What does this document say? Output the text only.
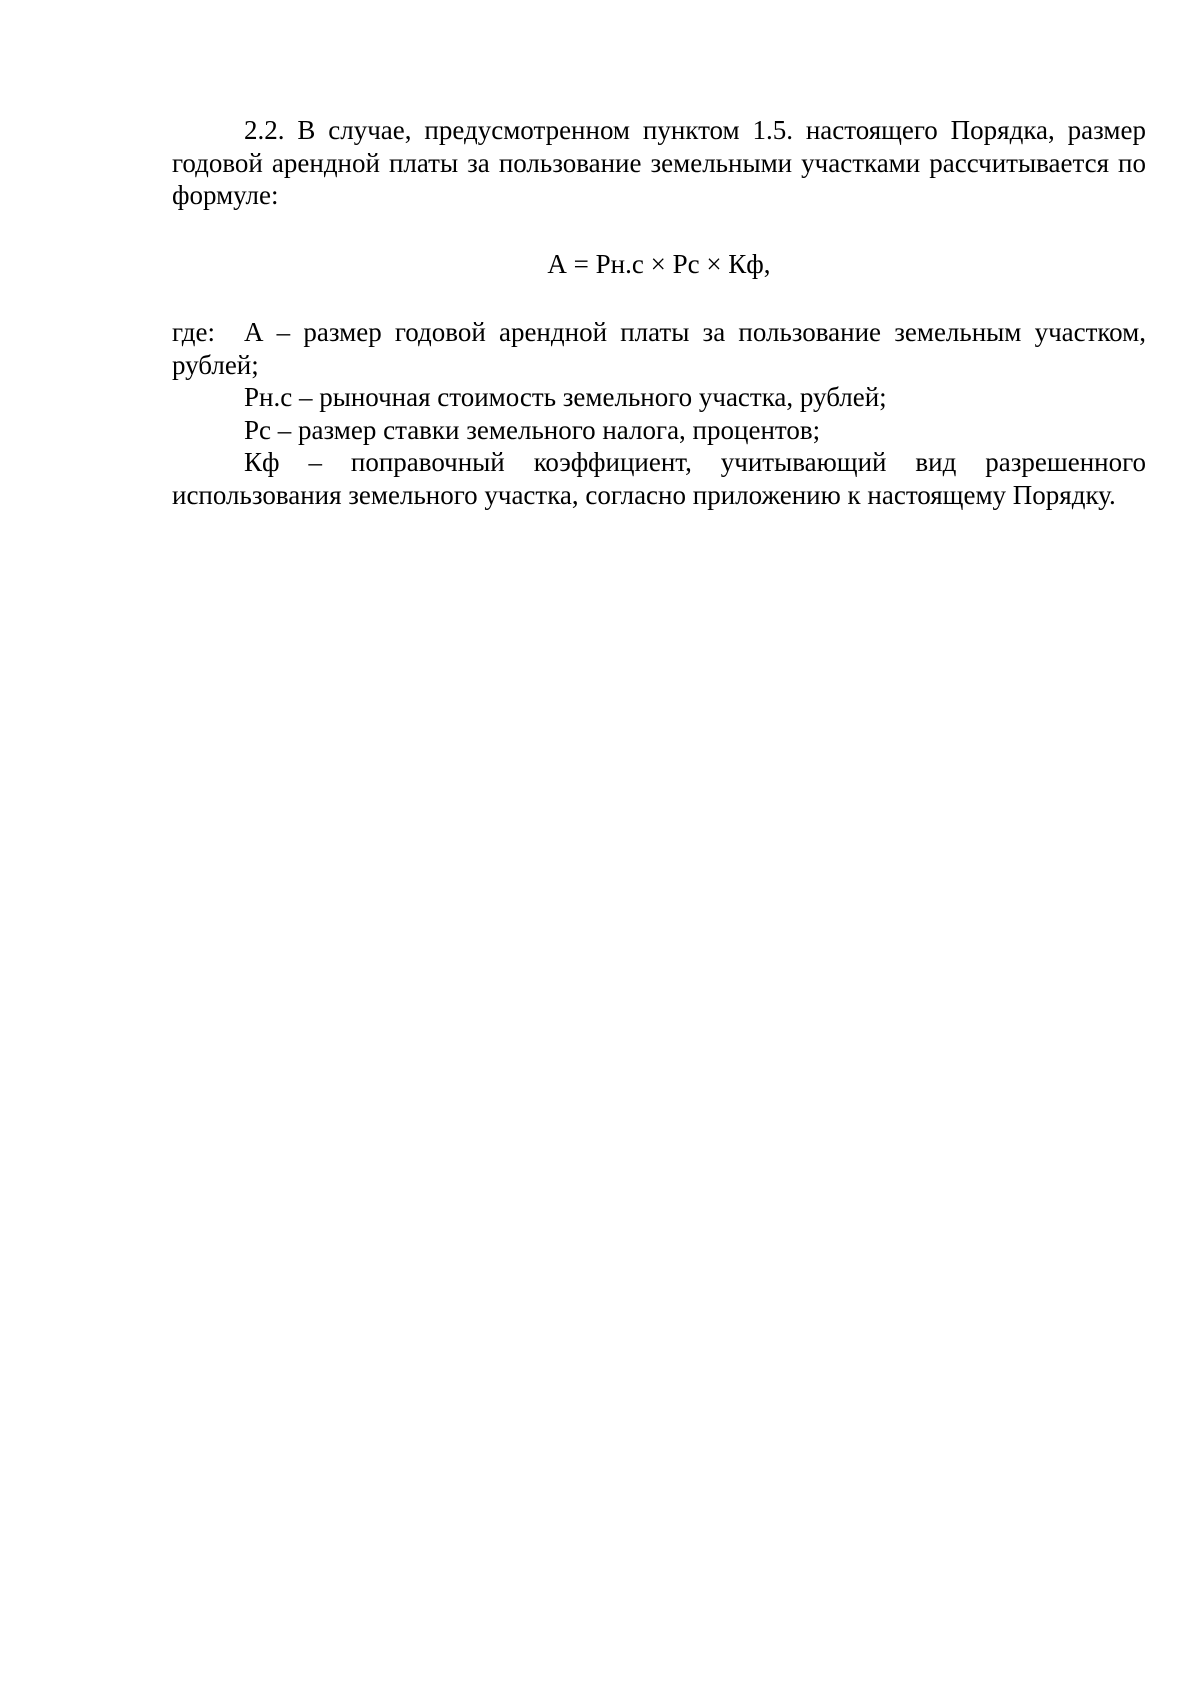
2.2. В случае, предусмотренном пунктом 1.5. настоящего Порядка, размер годовой арендной платы за пользование земельными участками рассчитывается по формуле:

А = Рн.с × Рс × Кф,

где: А – размер годовой арендной платы за пользование земельным участком, рублей;

Рн.с – рыночная стоимость земельного участка, рублей;

Рс – размер ставки земельного налога, процентов;

Кф – поправочный коэффициент, учитывающий вид разрешенного использования земельного участка, согласно приложению к настоящему Порядку.
